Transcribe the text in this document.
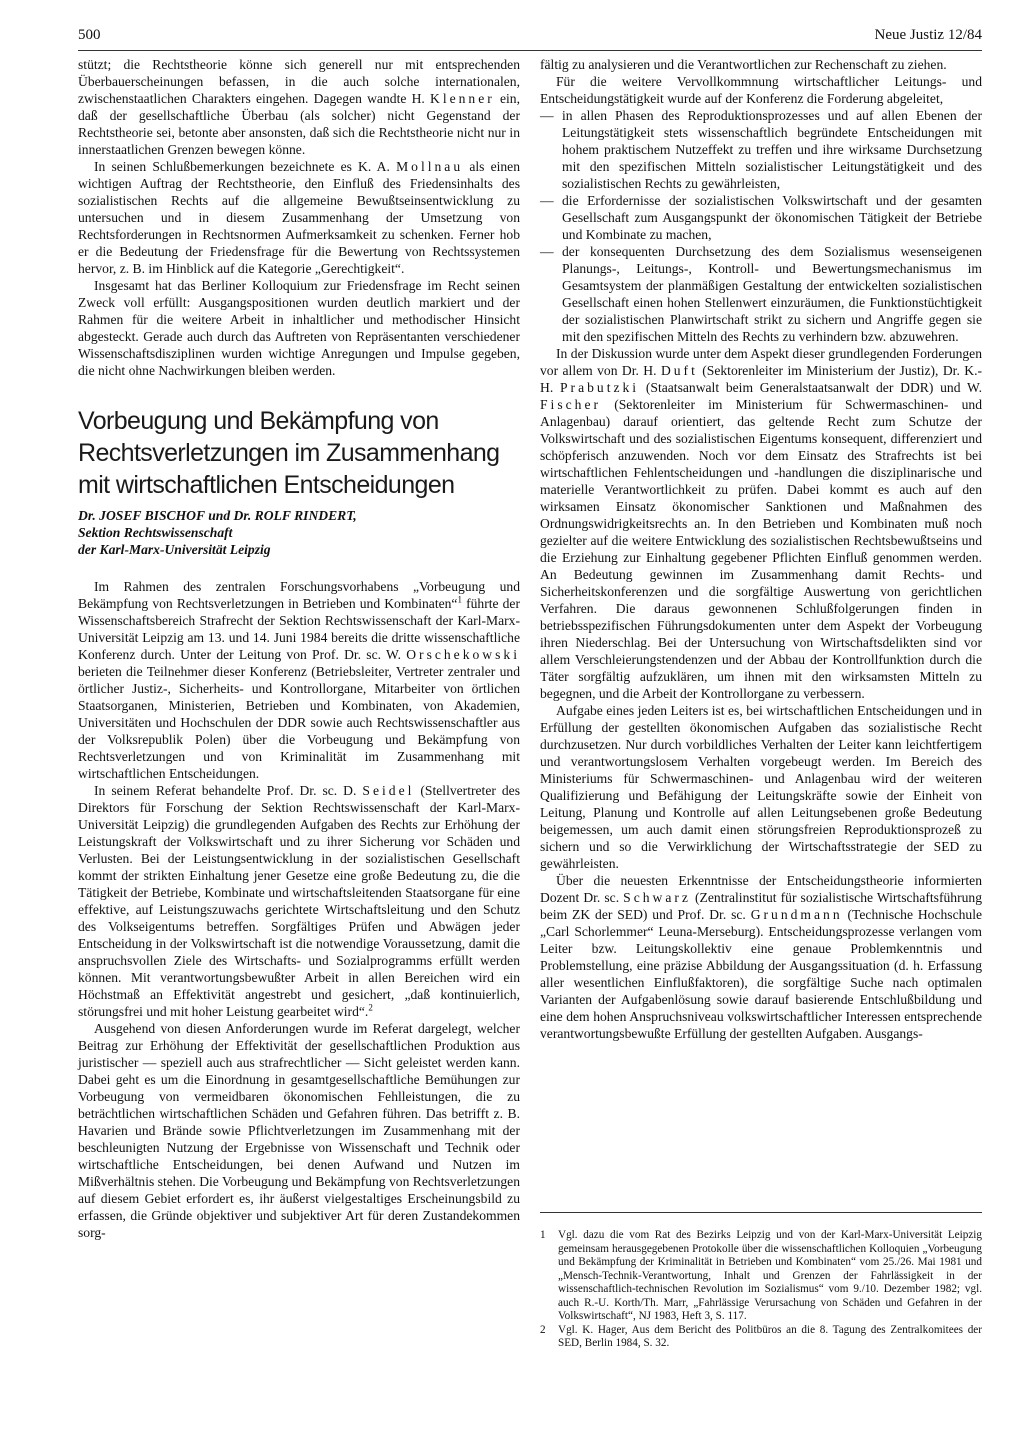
500	Neue Justiz 12/84

stützt; die Rechtstheorie könne sich generell nur mit entsprechenden Überbauerscheinungen befassen, in die auch solche internationalen, zwischenstaatlichen Charakters eingehen. Dagegen wandte H. Klenner ein, daß der gesellschaftliche Überbau (als solcher) nicht Gegenstand der Rechtstheorie sei, betonte aber ansonsten, daß sich die Rechtstheorie nicht nur in innerstaatlichen Grenzen bewegen könne.

In seinen Schlußbemerkungen bezeichnete es K. A. Mollnau als einen wichtigen Auftrag der Rechtstheorie, den Einfluß des Friedensinhalts des sozialistischen Rechts auf die allgemeine Bewußtseinsentwicklung zu untersuchen und in diesem Zusammenhang der Umsetzung von Rechtsforderungen in Rechtsnormen Aufmerksamkeit zu schenken. Ferner hob er die Bedeutung der Friedensfrage für die Bewertung von Rechtssystemen hervor, z. B. im Hinblick auf die Kategorie „Gerechtigkeit“.

Insgesamt hat das Berliner Kolloquium zur Friedensfrage im Recht seinen Zweck voll erfüllt: Ausgangspositionen wurden deutlich markiert und der Rahmen für die weitere Arbeit in inhaltlicher und methodischer Hinsicht abgesteckt. Gerade auch durch das Auftreten von Repräsentanten verschiedener Wissenschaftsdisziplinen wurden wichtige Anregungen und Impulse gegeben, die nicht ohne Nachwirkungen bleiben werden.

Vorbeugung und Bekämpfung von Rechtsverletzungen im Zusammenhang mit wirtschaftlichen Entscheidungen
Dr. JOSEF BISCHOF und Dr. ROLF RINDERT,
Sektion Rechtswissenschaft
der Karl-Marx-Universität Leipzig

Im Rahmen des zentralen Forschungsvorhabens „Vorbeugung und Bekämpfung von Rechtsverletzungen in Betrieben und Kombinaten“$^1$ führte der Wissenschaftsbereich Strafrecht der Sektion Rechtswissenschaft der Karl-Marx-Universität Leipzig am 13. und 14. Juni 1984 bereits die dritte wissenschaftliche Konferenz durch. Unter der Leitung von Prof. Dr. sc. W. Orschekowski berieten die Teilnehmer dieser Konferenz (Betriebsleiter, Vertreter zentraler und örtlicher Justiz-, Sicherheits- und Kontrollorgane, Mitarbeiter von örtlichen Staatsorganen, Ministerien, Betrieben und Kombinaten, von Akademien, Universitäten und Hochschulen der DDR sowie auch Rechtswissenschaftler aus der Volksrepublik Polen) über die Vorbeugung und Bekämpfung von Rechtsverletzungen und von Kriminalität im Zusammenhang mit wirtschaftlichen Entscheidungen.

In seinem Referat behandelte Prof. Dr. sc. D. Seidel (Stellvertreter des Direktors für Forschung der Sektion Rechtswissenschaft der Karl-Marx-Universität Leipzig) die grundlegenden Aufgaben des Rechts zur Erhöhung der Leistungskraft der Volkswirtschaft und zu ihrer Sicherung vor Schäden und Verlusten. Bei der Leistungsentwicklung in der sozialistischen Gesellschaft kommt der strikten Einhaltung jener Gesetze eine große Bedeutung zu, die die Tätigkeit der Betriebe, Kombinate und wirtschaftsleitenden Staatsorgane für eine effektive, auf Leistungszuwachs gerichtete Wirtschaftsleitung und den Schutz des Volkseigentums betreffen. Sorgfältiges Prüfen und Abwägen jeder Entscheidung in der Volkswirtschaft ist die notwendige Voraussetzung, damit die anspruchsvollen Ziele des Wirtschafts- und Sozialprogramms erfüllt werden können. Mit verantwortungsbewußter Arbeit in allen Bereichen wird ein Höchstmaß an Effektivität angestrebt und gesichert, „daß kontinuierlich, störungsfrei und mit hoher Leistung gearbeitet wird“.$^2$

Ausgehend von diesen Anforderungen wurde im Referat dargelegt, welcher Beitrag zur Erhöhung der Effektivität der gesellschaftlichen Produktion aus juristischer — speziell auch aus strafrechtlicher — Sicht geleistet werden kann. Dabei geht es um die Einordnung in gesamtgesellschaftliche Bemühungen zur Vorbeugung von vermeidbaren ökonomischen Fehlleistungen, die zu beträchtlichen wirtschaftlichen Schäden und Gefahren führen. Das betrifft z. B. Havarien und Brände sowie Pflichtverletzungen im Zusammenhang mit der beschleunigten Nutzung der Ergebnisse von Wissenschaft und Technik oder wirtschaftliche Entscheidungen, bei denen Aufwand und Nutzen im Mißverhältnis stehen. Die Vorbeugung und Bekämpfung von Rechtsverletzungen auf diesem Gebiet erfordert es, ihr äußerst vielgestaltiges Erscheinungsbild zu erfassen, die Gründe objektiver und subjektiver Art für deren Zustandekommen sorg-

fältig zu analysieren und die Verantwortlichen zur Rechenschaft zu ziehen.

Für die weitere Vervollkommnung wirtschaftlicher Leitungs- und Entscheidungstätigkeit wurde auf der Konferenz die Forderung abgeleitet,

— in allen Phasen des Reproduktionsprozesses und auf allen Ebenen der Leitungstätigkeit stets wissenschaftlich begründete Entscheidungen mit hohem praktischem Nutzeffekt zu treffen und ihre wirksame Durchsetzung mit den spezifischen Mitteln sozialistischer Leitungstätigkeit und des sozialistischen Rechts zu gewährleisten,
— die Erfordernisse der sozialistischen Volkswirtschaft und der gesamten Gesellschaft zum Ausgangspunkt der ökonomischen Tätigkeit der Betriebe und Kombinate zu machen,
— der konsequenten Durchsetzung des dem Sozialismus wesenseigenen Planungs-, Leitungs-, Kontroll- und Bewertungsmechanismus im Gesamtsystem der planmäßigen Gestaltung der entwickelten sozialistischen Gesellschaft einen hohen Stellenwert einzuräumen, die Funktionstüchtigkeit der sozialistischen Planwirtschaft strikt zu sichern und Angriffe gegen sie mit den spezifischen Mitteln des Rechts zu verhindern bzw. abzuwehren.

In der Diskussion wurde unter dem Aspekt dieser grundlegenden Forderungen vor allem von Dr. H. Duft (Sektorenleiter im Ministerium der Justiz), Dr. K.-H. Prabutzki (Staatsanwalt beim Generalstaatsanwalt der DDR) und W. Fischer (Sektorenleiter im Ministerium für Schwermaschinen- und Anlagenbau) darauf orientiert, das geltende Recht zum Schutze der Volkswirtschaft und des sozialistischen Eigentums konsequent, differenziert und schöpferisch anzuwenden. Noch vor dem Einsatz des Strafrechts ist bei wirtschaftlichen Fehlentscheidungen und -handlungen die disziplinarische und materielle Verantwortlichkeit zu prüfen. Dabei kommt es auch auf den wirksamen Einsatz ökonomischer Sanktionen und Maßnahmen des Ordnungswidrigkeitsrechts an. In den Betrieben und Kombinaten muß noch gezielter auf die weitere Entwicklung des sozialistischen Rechtsbewußtseins und die Erziehung zur Einhaltung gegebener Pflichten Einfluß genommen werden. An Bedeutung gewinnen im Zusammenhang damit Rechts- und Sicherheitskonferenzen und die sorgfältige Auswertung von gerichtlichen Verfahren. Die daraus gewonnenen Schlußfolgerungen finden in betriebsspezifischen Führungsdokumenten unter dem Aspekt der Vorbeugung ihren Niederschlag. Bei der Untersuchung von Wirtschaftsdelikten sind vor allem Verschleierungstendenzen und der Abbau der Kontrollfunktion durch die Täter sorgfältig aufzuklären, um ihnen mit den wirksamsten Mitteln zu begegnen, und die Arbeit der Kontrollorgane zu verbessern.

Aufgabe eines jeden Leiters ist es, bei wirtschaftlichen Entscheidungen und in Erfüllung der gestellten ökonomischen Aufgaben das sozialistische Recht durchzusetzen. Nur durch vorbildliches Verhalten der Leiter kann leichtfertigem und verantwortungslosem Verhalten vorgebeugt werden. Im Bereich des Ministeriums für Schwermaschinen- und Anlagenbau wird der weiteren Qualifizierung und Befähigung der Leitungskräfte sowie der Einheit von Leitung, Planung und Kontrolle auf allen Leitungsebenen große Bedeutung beigemessen, um auch damit einen störungsfreien Reproduktionsprozeß zu sichern und so die Verwirklichung der Wirtschaftsstrategie der SED zu gewährleisten.

Über die neuesten Erkenntnisse der Entscheidungstheorie informierten Dozent Dr. sc. Schwarz (Zentralinstitut für sozialistische Wirtschaftsführung beim ZK der SED) und Prof. Dr. sc. Grundmann (Technische Hochschule „Carl Schorlemmer“ Leuna-Merseburg). Entscheidungsprozesse verlangen vom Leiter bzw. Leitungskollektiv eine genaue Problemkenntnis und Problemstellung, eine präzise Abbildung der Ausgangssituation (d. h. Erfassung aller wesentlichen Einflußfaktoren), die sorgfältige Suche nach optimalen Varianten der Aufgabenlösung sowie darauf basierende Entschlußbildung und eine dem hohen Anspruchsniveau volkswirtschaftlicher Interessen entsprechende verantwortungsbewußte Erfüllung der gestellten Aufgaben. Ausgangs-

1 Vgl. dazu die vom Rat des Bezirks Leipzig und von der Karl-Marx-Universität Leipzig gemeinsam herausgegebenen Protokolle über die wissenschaftlichen Kolloquien „Vorbeugung und Bekämpfung der Kriminalität in Betrieben und Kombinaten“ vom 25./26. Mai 1981 und „Mensch-Technik-Verantwortung, Inhalt und Grenzen der Fahrlässigkeit in der wissenschaftlich-technischen Revolution im Sozialismus“ vom 9./10. Dezember 1982; vgl. auch R.-U. Korth/Th. Marr, „Fahrlässige Verursachung von Schäden und Gefahren in der Volkswirtschaft“, NJ 1983, Heft 3, S. 117.

2 Vgl. K. Hager, Aus dem Bericht des Politbüros an die 8. Tagung des Zentralkomitees der SED, Berlin 1984, S. 32.
